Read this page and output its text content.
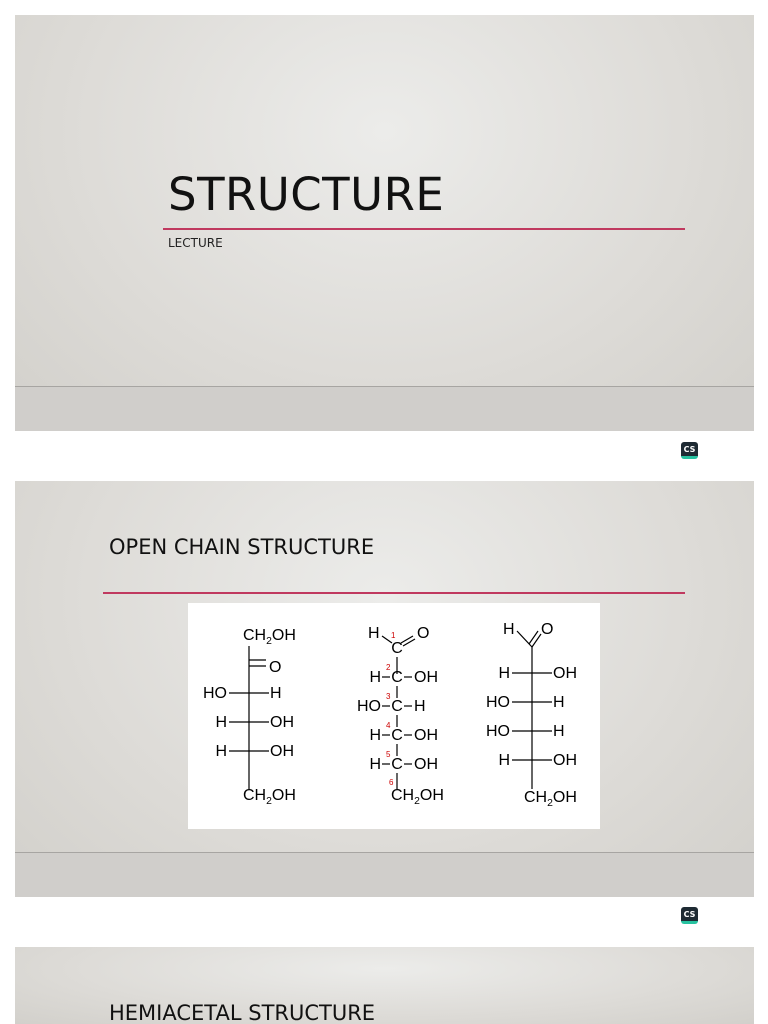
STRUCTURE
LECTURE
CS
OPEN CHAIN STRUCTURE
$CH_2OH$
O
HO	H
H	OH
H	OH
$CH_2OH$
H O
C
1
C
2
H OH
C
3
HO H
C
4
H OH
C
5
H OH
6
$CH_2OH$
H O
H	OH
HO	H
HO	H
H	OH
$CH_2OH$
CS
HEMIACETAL STRUCTURE
